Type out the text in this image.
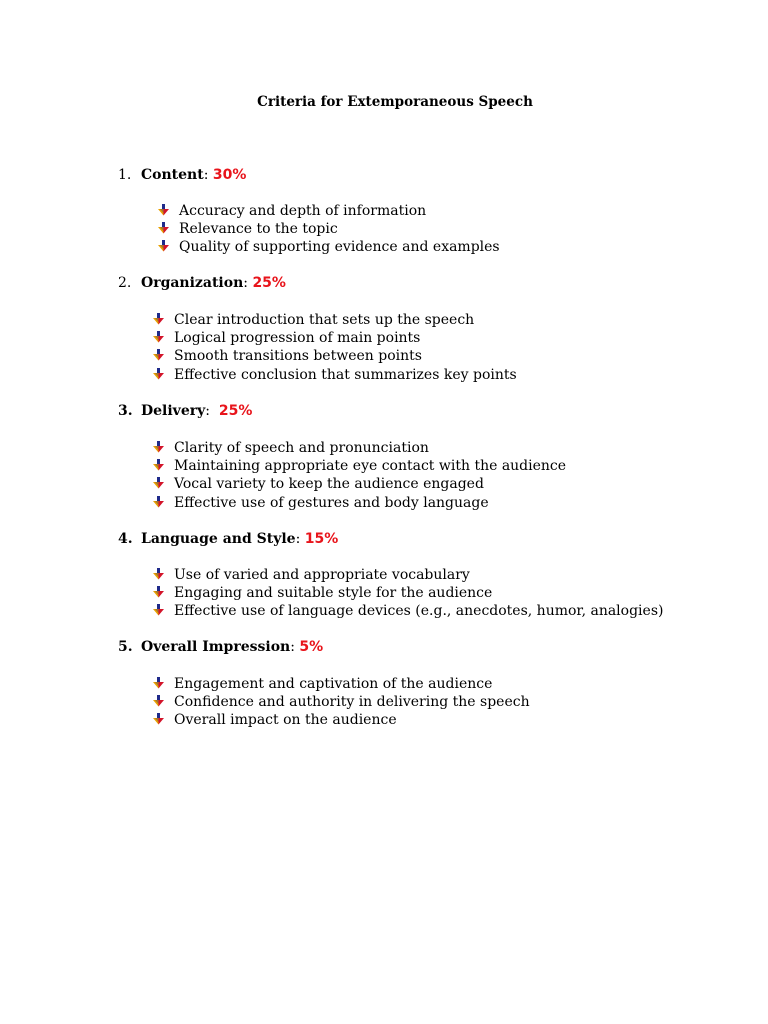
Criteria for Extemporaneous Speech
1. Content: 30%
Accuracy and depth of information
Relevance to the topic
Quality of supporting evidence and examples
2. Organization: 25%
Clear introduction that sets up the speech
Logical progression of main points
Smooth transitions between points
Effective conclusion that summarizes key points
3. Delivery:  25%
Clarity of speech and pronunciation
Maintaining appropriate eye contact with the audience
Vocal variety to keep the audience engaged
Effective use of gestures and body language
4. Language and Style: 15%
Use of varied and appropriate vocabulary
Engaging and suitable style for the audience
Effective use of language devices (e.g., anecdotes, humor, analogies)
5. Overall Impression: 5%
Engagement and captivation of the audience
Confidence and authority in delivering the speech
Overall impact on the audience
